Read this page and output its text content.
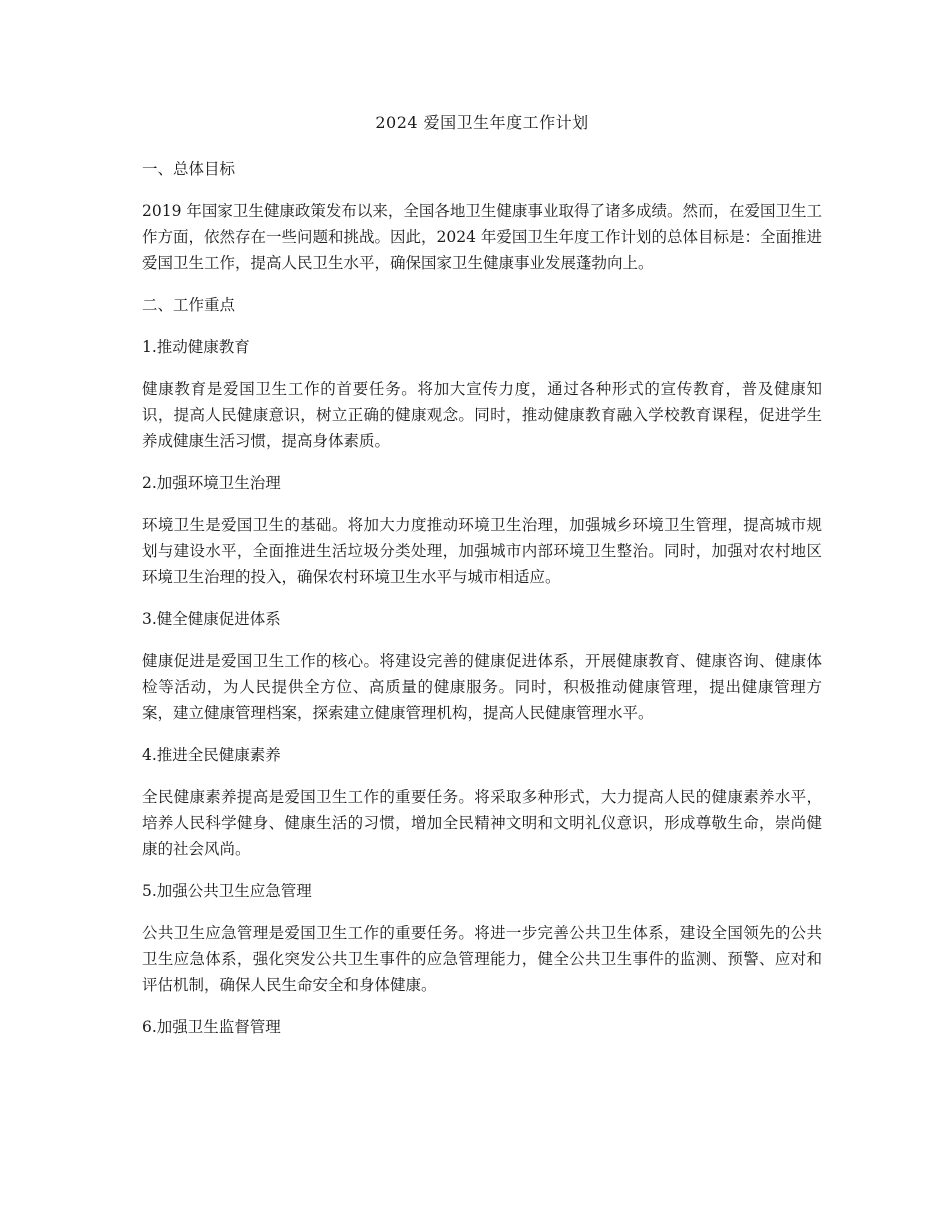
2024 爱国卫生年度工作计划
一、总体目标
2019 年国家卫生健康政策发布以来，全国各地卫生健康事业取得了诸多成绩。然而，在爱国卫生工作方面，依然存在一些问题和挑战。因此，2024 年爱国卫生年度工作计划的总体目标是：全面推进爱国卫生工作，提高人民卫生水平，确保国家卫生健康事业发展蓬勃向上。
二、工作重点
1.推动健康教育
健康教育是爱国卫生工作的首要任务。将加大宣传力度，通过各种形式的宣传教育，普及健康知识，提高人民健康意识，树立正确的健康观念。同时，推动健康教育融入学校教育课程，促进学生养成健康生活习惯，提高身体素质。
2.加强环境卫生治理
环境卫生是爱国卫生的基础。将加大力度推动环境卫生治理，加强城乡环境卫生管理，提高城市规划与建设水平，全面推进生活垃圾分类处理，加强城市内部环境卫生整治。同时，加强对农村地区环境卫生治理的投入，确保农村环境卫生水平与城市相适应。
3.健全健康促进体系
健康促进是爱国卫生工作的核心。将建设完善的健康促进体系，开展健康教育、健康咨询、健康体检等活动，为人民提供全方位、高质量的健康服务。同时，积极推动健康管理，提出健康管理方案，建立健康管理档案，探索建立健康管理机构，提高人民健康管理水平。
4.推进全民健康素养
全民健康素养提高是爱国卫生工作的重要任务。将采取多种形式，大力提高人民的健康素养水平，培养人民科学健身、健康生活的习惯，增加全民精神文明和文明礼仪意识，形成尊敬生命，崇尚健康的社会风尚。
5.加强公共卫生应急管理
公共卫生应急管理是爱国卫生工作的重要任务。将进一步完善公共卫生体系，建设全国领先的公共卫生应急体系，强化突发公共卫生事件的应急管理能力，健全公共卫生事件的监测、预警、应对和评估机制，确保人民生命安全和身体健康。
6.加强卫生监督管理
